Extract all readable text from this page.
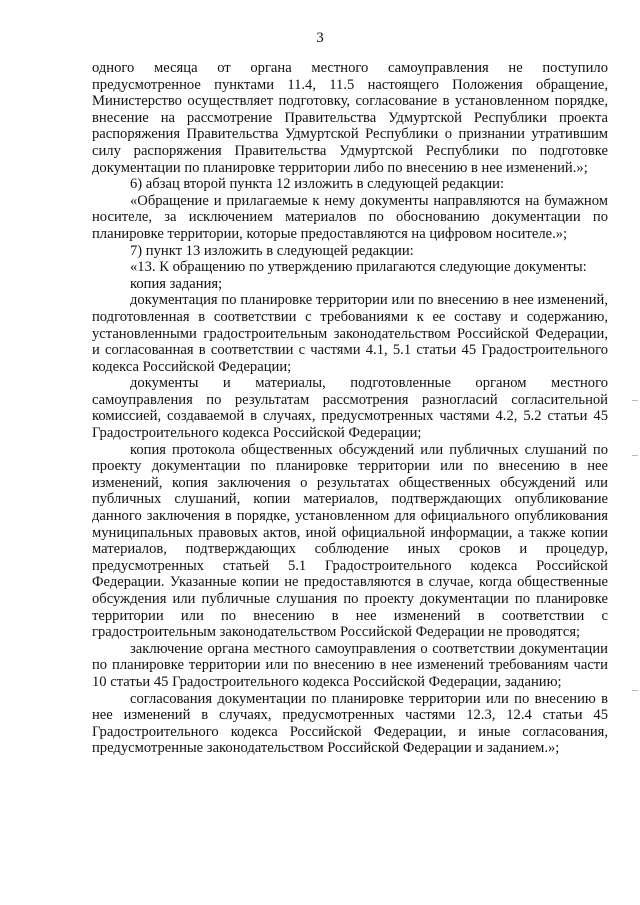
3

одного месяца от органа местного самоуправления не поступило предусмотренное пунктами 11.4, 11.5 настоящего Положения обращение, Министерство осуществляет подготовку, согласование в установленном порядке, внесение на рассмотрение Правительства Удмуртской Республики проекта распоряжения Правительства Удмуртской Республики о признании утратившим силу распоряжения Правительства Удмуртской Республики по подготовке документации по планировке территории либо по внесению в нее изменений.»;

6) абзац второй пункта 12 изложить в следующей редакции:

«Обращение и прилагаемые к нему документы направляются на бумажном носителе, за исключением материалов по обоснованию документации по планировке территории, которые предоставляются на цифровом носителе.»;

7) пункт 13 изложить в следующей редакции:

«13. К обращению по утверждению прилагаются следующие документы:

копия задания;

документация по планировке территории или по внесению в нее изменений, подготовленная в соответствии с требованиями к ее составу и содержанию, установленными градостроительным законодательством Российской Федерации, и согласованная в соответствии с частями 4.1, 5.1 статьи 45 Градостроительного кодекса Российской Федерации;

документы и материалы, подготовленные органом местного самоуправления по результатам рассмотрения разногласий согласительной комиссией, создаваемой в случаях, предусмотренных частями 4.2, 5.2 статьи 45 Градостроительного кодекса Российской Федерации;

копия протокола общественных обсуждений или публичных слушаний по проекту документации по планировке территории или по внесению в нее изменений, копия заключения о результатах общественных обсуждений или публичных слушаний, копии материалов, подтверждающих опубликование данного заключения в порядке, установленном для официального опубликования муниципальных правовых актов, иной официальной информации, а также копии материалов, подтверждающих соблюдение иных сроков и процедур, предусмотренных статьей 5.1 Градостроительного кодекса Российской Федерации. Указанные копии не предоставляются в случае, когда общественные обсуждения или публичные слушания по проекту документации по планировке территории или по внесению в нее изменений в соответствии с градостроительным законодательством Российской Федерации не проводятся;

заключение органа местного самоуправления о соответствии документации по планировке территории или по внесению в нее изменений требованиям части 10 статьи 45 Градостроительного кодекса Российской Федерации, заданию;

согласования документации по планировке территории или по внесению в нее изменений в случаях, предусмотренных частями 12.3, 12.4 статьи 45 Градостроительного кодекса Российской Федерации, и иные согласования, предусмотренные законодательством Российской Федерации и заданием.»;
